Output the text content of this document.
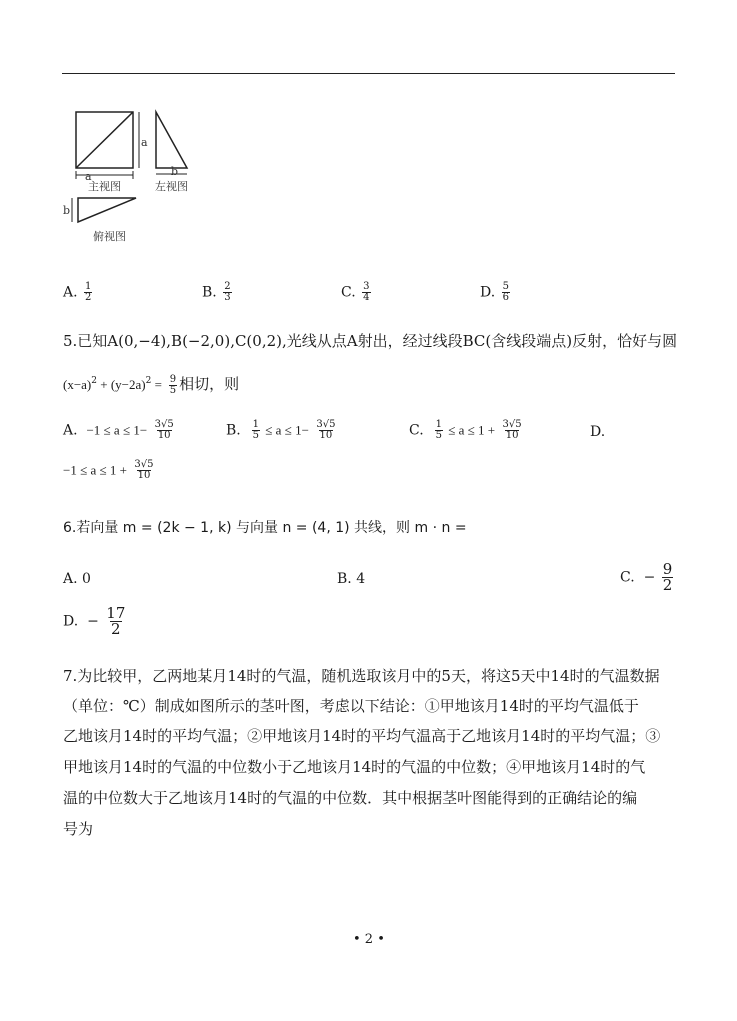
a
a
b
b
主视图	左视图
俯视图
A. $\frac{1}{2}$	B. $\frac{2}{3}$	C. $\frac{3}{4}$	D. $\frac{5}{6}$
5.已知A(0,−4),B(−2,0),C(0,2),光线从点A射出，经过线段BC(含线段端点)反射，恰好与圆
$(x-a)^2 + (y-2a)^2 = \frac{9}{5}$ 相切，则
A. $-1 \le a \le 1- \frac{3√5}{10}$	B. $\frac{1}{5} \le a \le 1- \frac{3√5}{10}$	C. $\frac{1}{5} \le a \le 1 + \frac{3√5}{10}$	D.
$-1 \le a \le 1 + \frac{3√5}{10}$
6.若向量 m = (2k − 1, k) 与向量 n = (4, 1) 共线，则 m · n =
A. 0	B. 4	C. − $\frac{9}{2}$
D. − $\frac{17}{2}$
7.为比较甲，乙两地某月14时的气温，随机选取该月中的5天，将这5天中14时的气温数据
（单位：℃）制成如图所示的茎叶图，考虑以下结论：①甲地该月14时的平均气温低于
乙地该月14时的平均气温；②甲地该月14时的平均气温高于乙地该月14时的平均气温；③
甲地该月14时的气温的中位数小于乙地该月14时的气温的中位数；④甲地该月14时的气
温的中位数大于乙地该月14时的气温的中位数．其中根据茎叶图能得到的正确结论的编
号为
• 2 •
